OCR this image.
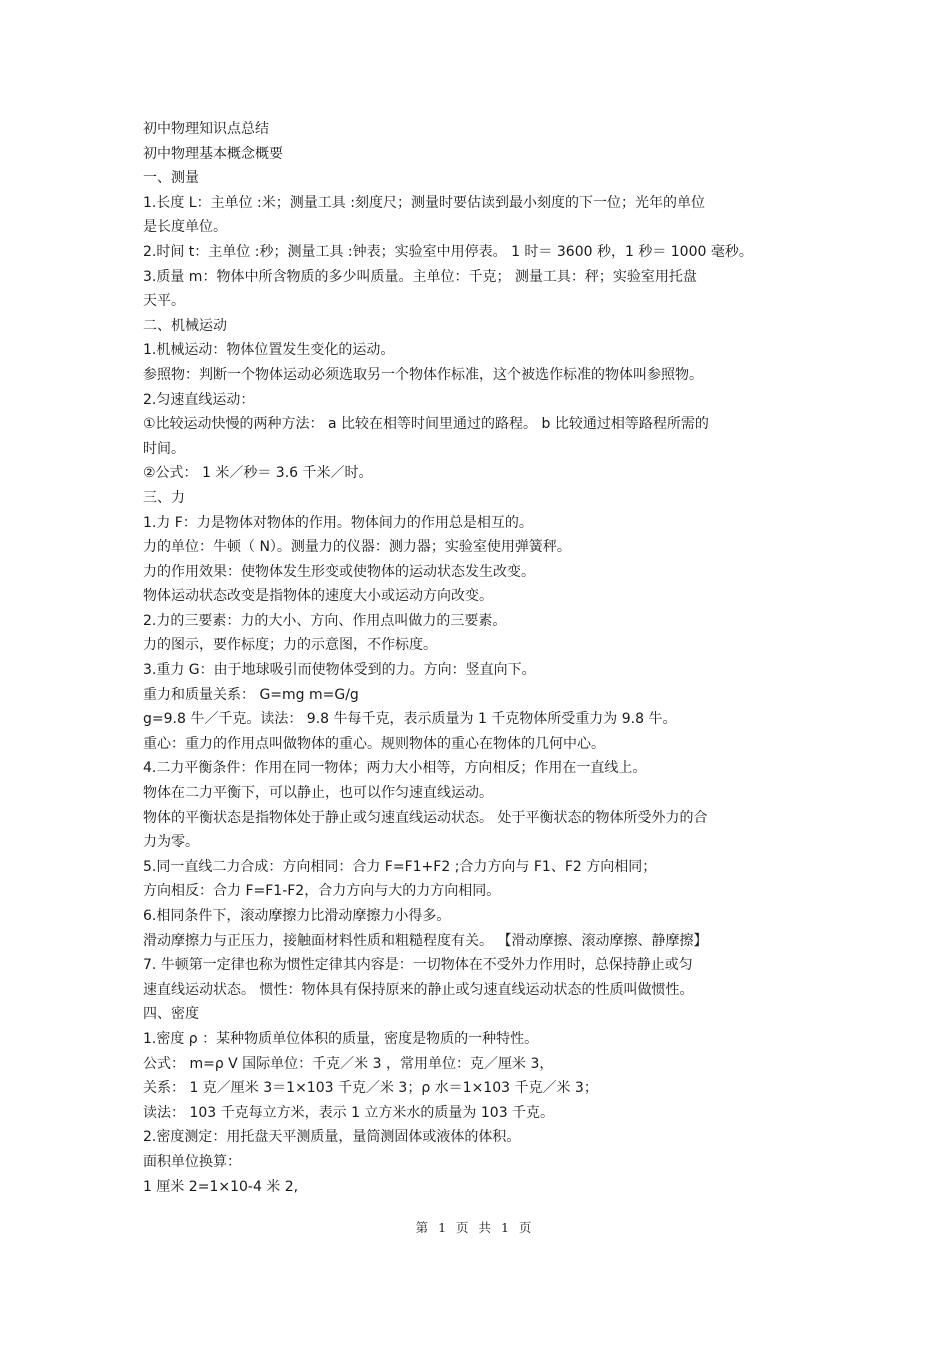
初中物理知识点总结
初中物理基本概念概要
一、测量
1.长度 L：主单位 :米；测量工具 :刻度尺；测量时要估读到最小刻度的下一位；光年的单位
是长度单位。
2.时间 t：主单位 :秒；测量工具 :钟表；实验室中用停表。 1 时＝ 3600 秒，1 秒＝ 1000 毫秒。
3.质量 m：物体中所含物质的多少叫质量。主单位：千克； 测量工具：秤；实验室用托盘
天平。
二、机械运动
1.机械运动：物体位置发生变化的运动。
参照物：判断一个物体运动必须选取另一个物体作标准，这个被选作标准的物体叫参照物。
2.匀速直线运动：
①比较运动快慢的两种方法： a 比较在相等时间里通过的路程。 b 比较通过相等路程所需的
时间。
②公式： 1 米／秒＝ 3.6 千米／时。
三、力
1.力 F：力是物体对物体的作用。物体间力的作用总是相互的。
力的单位：牛顿（ N）。测量力的仪器：测力器；实验室使用弹簧秤。
力的作用效果：使物体发生形变或使物体的运动状态发生改变。
物体运动状态改变是指物体的速度大小或运动方向改变。
2.力的三要素：力的大小、方向、作用点叫做力的三要素。
力的图示，要作标度；力的示意图，不作标度。
3.重力 G：由于地球吸引而使物体受到的力。方向：竖直向下。
重力和质量关系： G=mg m=G/g
g=9.8 牛／千克。读法： 9.8 牛每千克，表示质量为 1 千克物体所受重力为 9.8 牛。
重心：重力的作用点叫做物体的重心。规则物体的重心在物体的几何中心。
4.二力平衡条件：作用在同一物体；两力大小相等，方向相反；作用在一直线上。
物体在二力平衡下，可以静止，也可以作匀速直线运动。
物体的平衡状态是指物体处于静止或匀速直线运动状态。 处于平衡状态的物体所受外力的合
力为零。
5.同一直线二力合成：方向相同：合力 F=F1+F2 ;合力方向与 F1、F2 方向相同；
方向相反：合力 F=F1-F2，合力方向与大的力方向相同。
6.相同条件下，滚动摩擦力比滑动摩擦力小得多。
滑动摩擦力与正压力，接触面材料性质和粗糙程度有关。 【滑动摩擦、滚动摩擦、静摩擦】
7. 牛顿第一定律也称为惯性定律其内容是：一切物体在不受外力作用时，总保持静止或匀
速直线运动状态。 惯性：物体具有保持原来的静止或匀速直线运动状态的性质叫做惯性。
四、密度
1.密度 ρ ：某种物质单位体积的质量，密度是物质的一种特性。
公式： m=ρ V 国际单位：千克／米 3 ，常用单位：克／厘米 3，
关系： 1 克／厘米 3＝1×103 千克／米 3；ρ 水＝1×103 千克／米 3；
读法： 103 千克每立方米，表示 1 立方米水的质量为 103 千克。
2.密度测定：用托盘天平测质量，量筒测固体或液体的体积。
面积单位换算：
1 厘米 2=1×10-4 米 2,
第 1 页 共 1 页
